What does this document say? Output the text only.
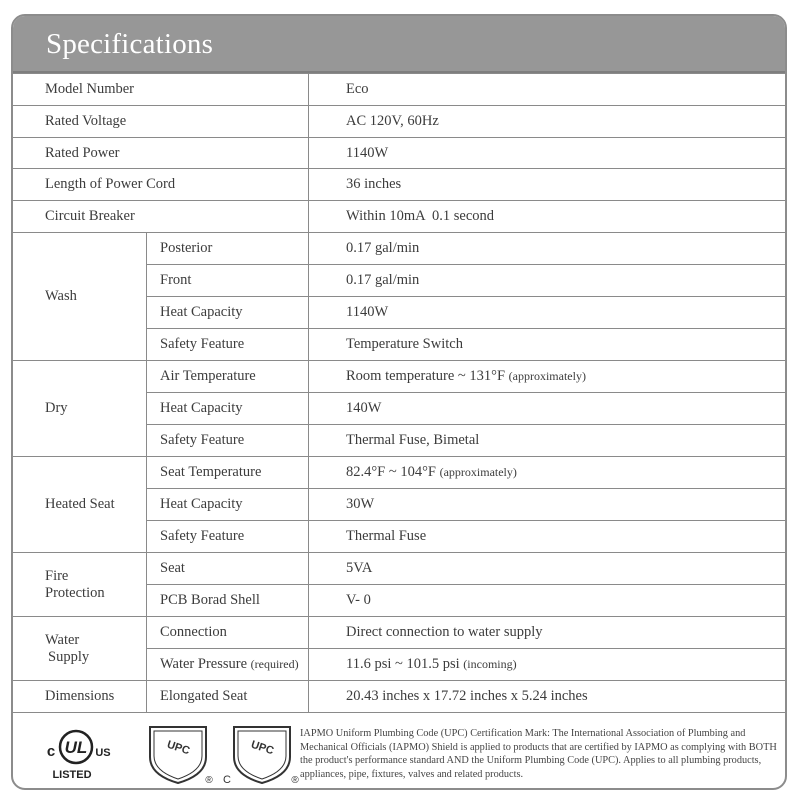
Specifications
Model Number		Eco
Rated Voltage		AC 120V, 60Hz
Rated Power		1140W
Length of Power Cord		36 inches
Circuit Breaker		Within 10mA  0.1 second
Wash	Posterior	0.17 gal/min
	Front	0.17 gal/min
	Heat Capacity	1140W
	Safety Feature	Temperature Switch
Dry	Air Temperature	Room temperature ~ 131°F (approximately)
	Heat Capacity	140W
	Safety Feature	Thermal Fuse, Bimetal
Heated Seat	Seat Temperature	82.4°F ~ 104°F (approximately)
	Heat Capacity	30W
	Safety Feature	Thermal Fuse
Fire
Protection	Seat	5VA
	PCB Borad Shell	V- 0
Water
Supply	Connection	Direct connection to water supply
	Water Pressure (required)	11.6 psi ~ 101.5 psi (incoming)
Dimensions	Elongated Seat	20.43 inches x 17.72 inches x 5.24 inches
UL
c	US
LISTED
UPC
®
UPC
C	®
IAPMO Uniform Plumbing Code (UPC) Certification Mark: The International Association of Plumbing and Mechanical Officials (IAPMO) Shield is applied to products that are certified by IAPMO as complying with BOTH the product's performance standard AND the Uniform Plumbing Code (UPC). Applies to all plumbing products, appliances, pipe, fixtures, valves and related products.
